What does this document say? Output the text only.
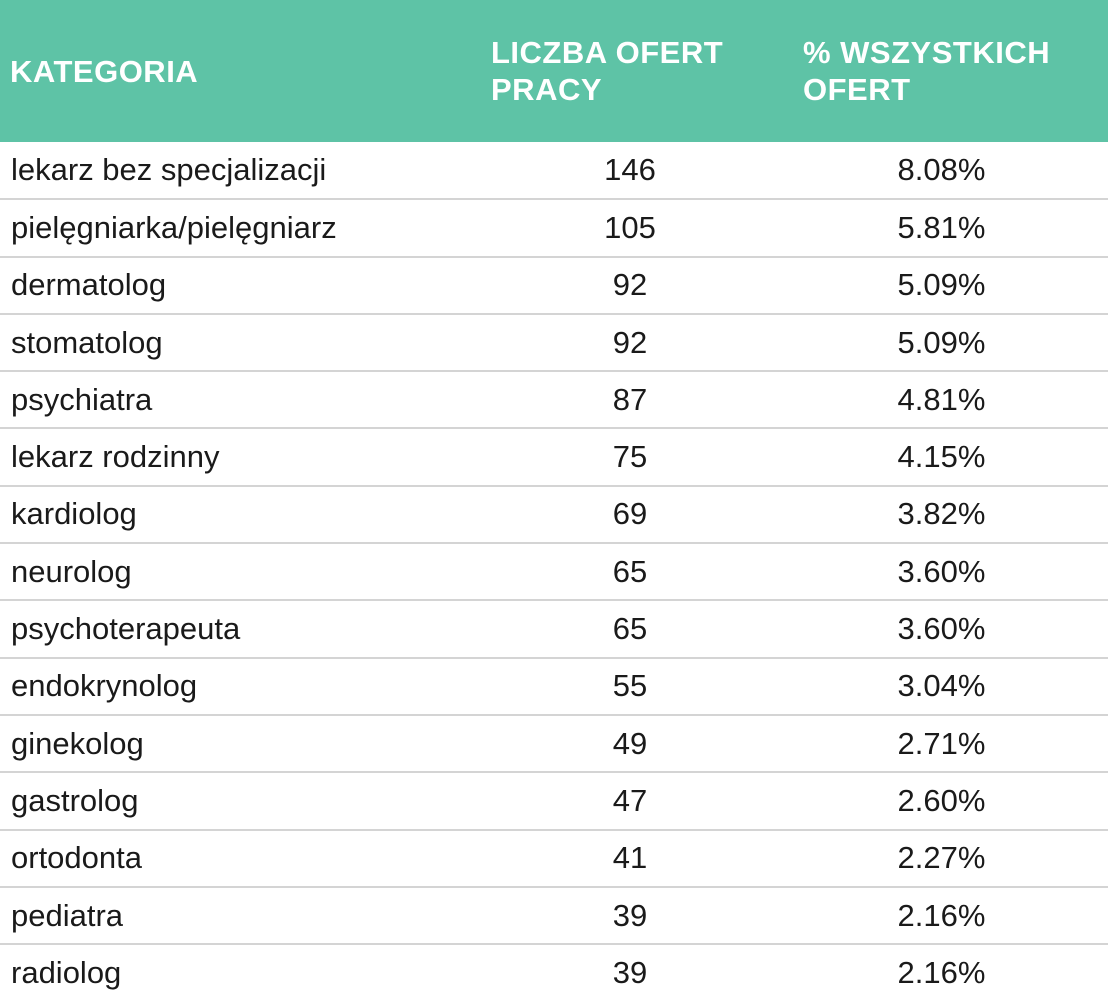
KATEGORIA	LICZBA OFERT PRACY	% WSZYSTKICH OFERT
lekarz bez specjalizacji	146	8.08%
pielęgniarka/pielęgniarz	105	5.81%
dermatolog	92	5.09%
stomatolog	92	5.09%
psychiatra	87	4.81%
lekarz rodzinny	75	4.15%
kardiolog	69	3.82%
neurolog	65	3.60%
psychoterapeuta	65	3.60%
endokrynolog	55	3.04%
ginekolog	49	2.71%
gastrolog	47	2.60%
ortodonta	41	2.27%
pediatra	39	2.16%
radiolog	39	2.16%
